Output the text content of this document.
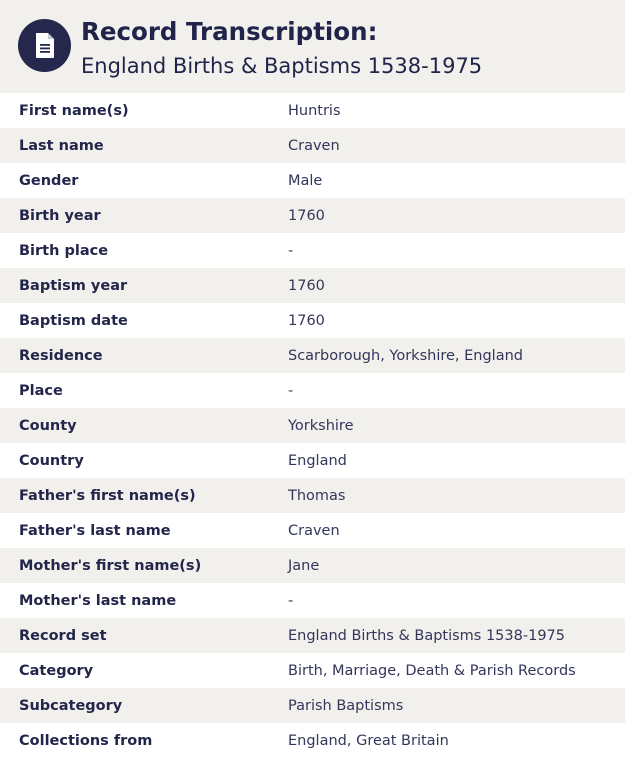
Record Transcription:
England Births & Baptisms 1538-1975
First name(s)	Huntris
Last name	Craven
Gender	Male
Birth year	1760
Birth place	-
Baptism year	1760
Baptism date	1760
Residence	Scarborough, Yorkshire, England
Place	-
County	Yorkshire
Country	England
Father's first name(s)	Thomas
Father's last name	Craven
Mother's first name(s)	Jane
Mother's last name	-
Record set	England Births & Baptisms 1538-1975
Category	Birth, Marriage, Death & Parish Records
Subcategory	Parish Baptisms
Collections from	England, Great Britain
